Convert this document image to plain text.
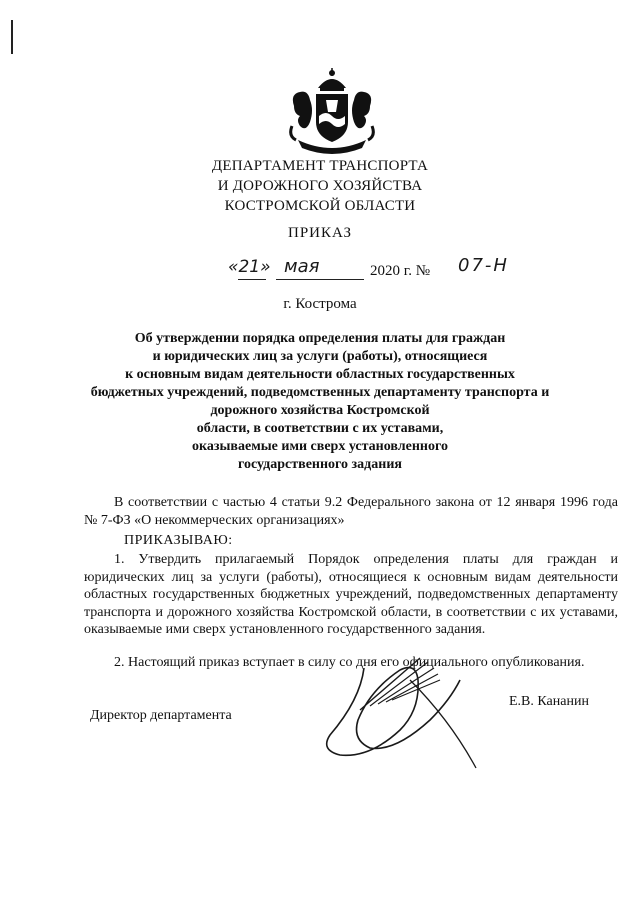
ДЕПАРТАМЕНТ ТРАНСПОРТА
И ДОРОЖНОГО ХОЗЯЙСТВА
КОСТРОМСКОЙ ОБЛАСТИ
ПРИКАЗ
«21» мая	2020 г. № 07-Н
г. Кострома
Об утверждении порядка определения платы для граждан
и юридических лиц за услуги (работы), относящиеся
к основным видам деятельности областных государственных
бюджетных учреждений, подведомственных департаменту транспорта и
дорожного хозяйства Костромской
области, в соответствии с их уставами,
оказываемые ими сверх установленного
государственного задания
В соответствии с частью 4 статьи 9.2 Федерального закона от 12 января 1996 года № 7-ФЗ «О некоммерческих организациях»
ПРИКАЗЫВАЮ:
1. Утвердить прилагаемый Порядок определения платы для граждан и юридических лиц за услуги (работы), относящиеся к основным видам деятельности областных государственных бюджетных учреждений, подведомственных департаменту транспорта и дорожного хозяйства Костромской области, в соответствии с их уставами, оказываемые ими сверх установленного государственного задания.
2. Настоящий приказ вступает в силу со дня его официального опубликования.
Директор департамента
Е.В. Кананин
